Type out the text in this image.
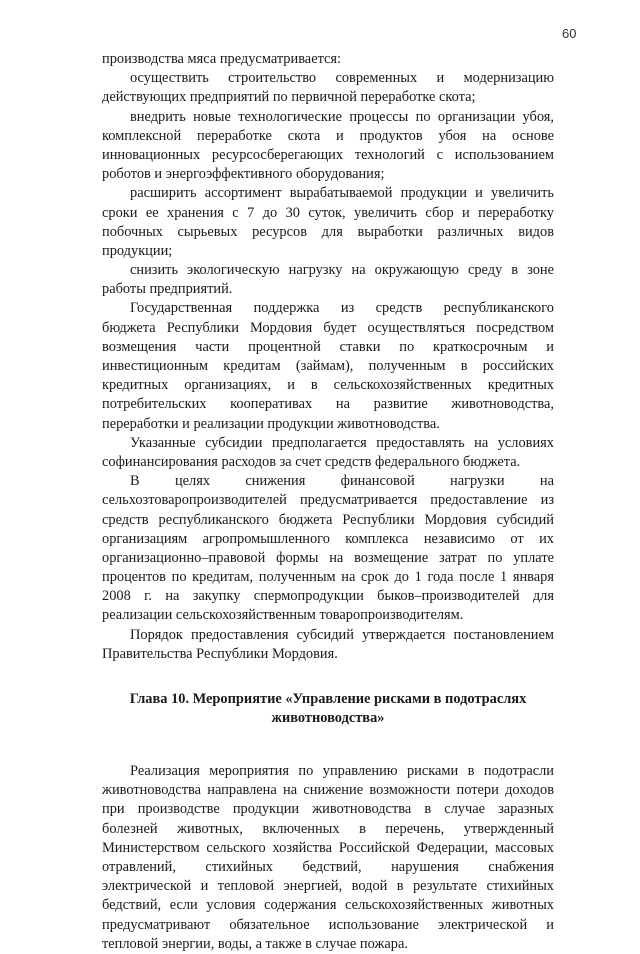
60
производства мяса предусматривается:
осуществить строительство современных и модернизацию
действующих предприятий по первичной переработке скота;
внедрить новые технологические процессы по организации убоя,
комплексной переработке скота и продуктов убоя на основе
инновационных ресурсосберегающих технологий с использованием
роботов и энергоэффективного оборудования;
расширить ассортимент вырабатываемой продукции и увеличить
сроки ее хранения с 7 до 30 суток, увеличить сбор и переработку
побочных сырьевых ресурсов для выработки различных видов
продукции;
снизить экологическую нагрузку на окружающую среду в зоне
работы предприятий.
Государственная поддержка из средств республиканского
бюджета Республики Мордовия будет осуществляться посредством
возмещения части процентной ставки по краткосрочным и
инвестиционным кредитам (займам), полученным в российских
кредитных организациях, и в сельскохозяйственных кредитных
потребительских кооперативах на развитие животноводства,
переработки и реализации продукции животноводства.
Указанные субсидии предполагается предоставлять на условиях
софинансирования расходов за счет средств федерального бюджета.
В целях снижения финансовой нагрузки на
сельхозтоваропроизводителей предусматривается предоставление из
средств республиканского бюджета Республики Мордовия субсидий
организациям агропромышленного комплекса независимо от их
организационно–правовой формы на возмещение затрат по уплате
процентов по кредитам, полученным на срок до 1 года после 1 января
2008 г. на закупку спермопродукции быков–производителей для
реализации сельскохозяйственным товаропроизводителям.
Порядок предоставления субсидий утверждается постановлением
Правительства Республики Мордовия.
Глава 10. Мероприятие «Управление рисками в подотраслях
животноводства»
Реализация мероприятия по управлению рисками в подотрасли
животноводства направлена на снижение возможности потери доходов
при производстве продукции животноводства в случае заразных
болезней животных, включенных в перечень, утвержденный
Министерством сельского хозяйства Российской Федерации, массовых
отравлений, стихийных бедствий, нарушения снабжения
электрической и тепловой энергией, водой в результате стихийных
бедствий, если условия содержания сельскохозяйственных животных
предусматривают обязательное использование электрической и
тепловой энергии, воды, а также в случае пожара.
